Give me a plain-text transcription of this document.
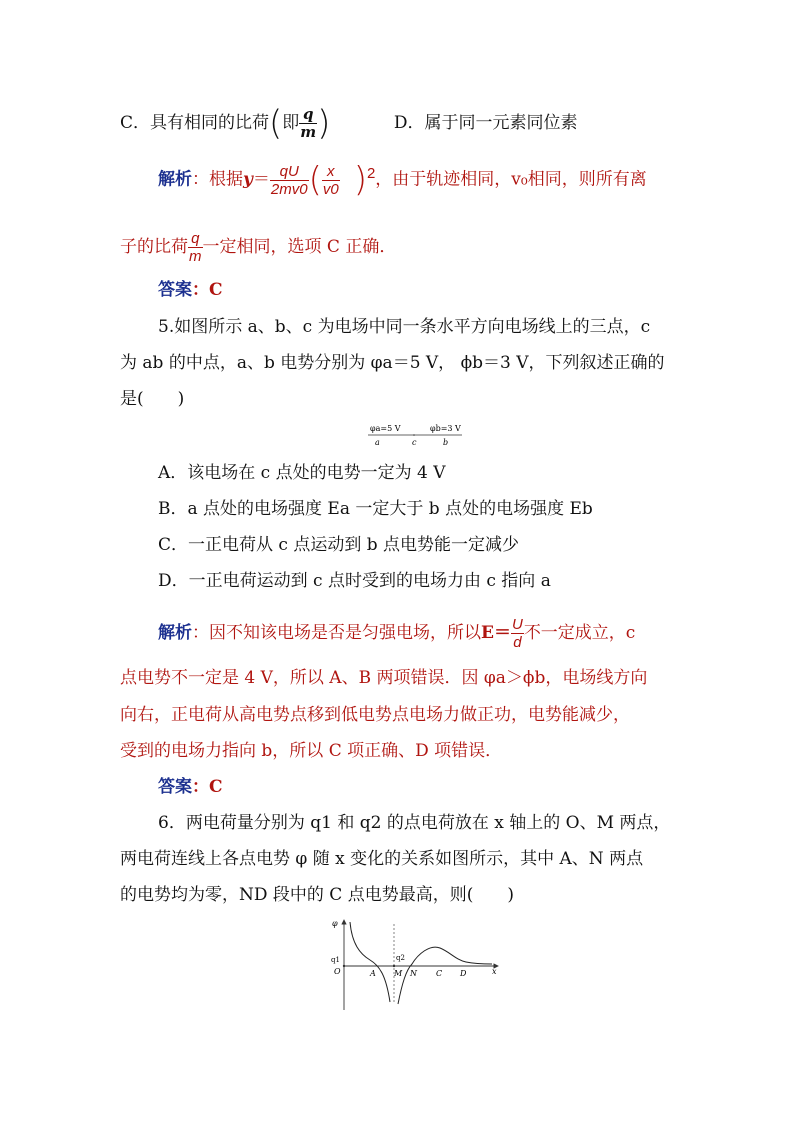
C．具有相同的比荷(即 $\frac{q}{m}$ )	D．属于同一元素同位素
解析：根据$y= \frac{qU}{2mv0}$ ( $\frac{x}{v0} )^2$，由于轨迹相同，v₀相同，则所有离
子的比荷 $\frac{q}{m}$ 一定相同，选项 C 正确．
答案：C
5.如图所示 a、b、c 为电场中同一条水平方向电场线上的三点，c
为 ab 的中点，a、b 电势分别为 φa＝5 V， ϕb＝3 V，下列叙述正确的
是(　　)
φa=5 V	φb=3 V
a	c	b
A．该电场在 c 点处的电势一定为 4 V
B．a 点处的电场强度 Ea 一定大于 b 点处的电场强度 Eb
C．一正电荷从 c 点运动到 b 点电势能一定减少
D．一正电荷运动到 c 点时受到的电场力由 c 指向 a
解析：因不知该电场是否是匀强电场，所以$E= \frac{U}{d}$ 不一定成立，c
点电势不一定是 4 V，所以 A、B 两项错误．因 φa＞ϕb，电场线方向
向右，正电荷从高电势点移到低电势点电场力做正功，电势能减少，
受到的电场力指向 b，所以 C 项正确、D 项错误．
答案：C
6．两电荷量分别为 q1 和 q2 的点电荷放在 x 轴上的 O、M 两点，
两电荷连线上各点电势 φ 随 x 变化的关系如图所示，其中 A、N 两点
的电势均为零，ND 段中的 C 点电势最高，则(　　)
φ
x
q1	q2
O	A M N C D
